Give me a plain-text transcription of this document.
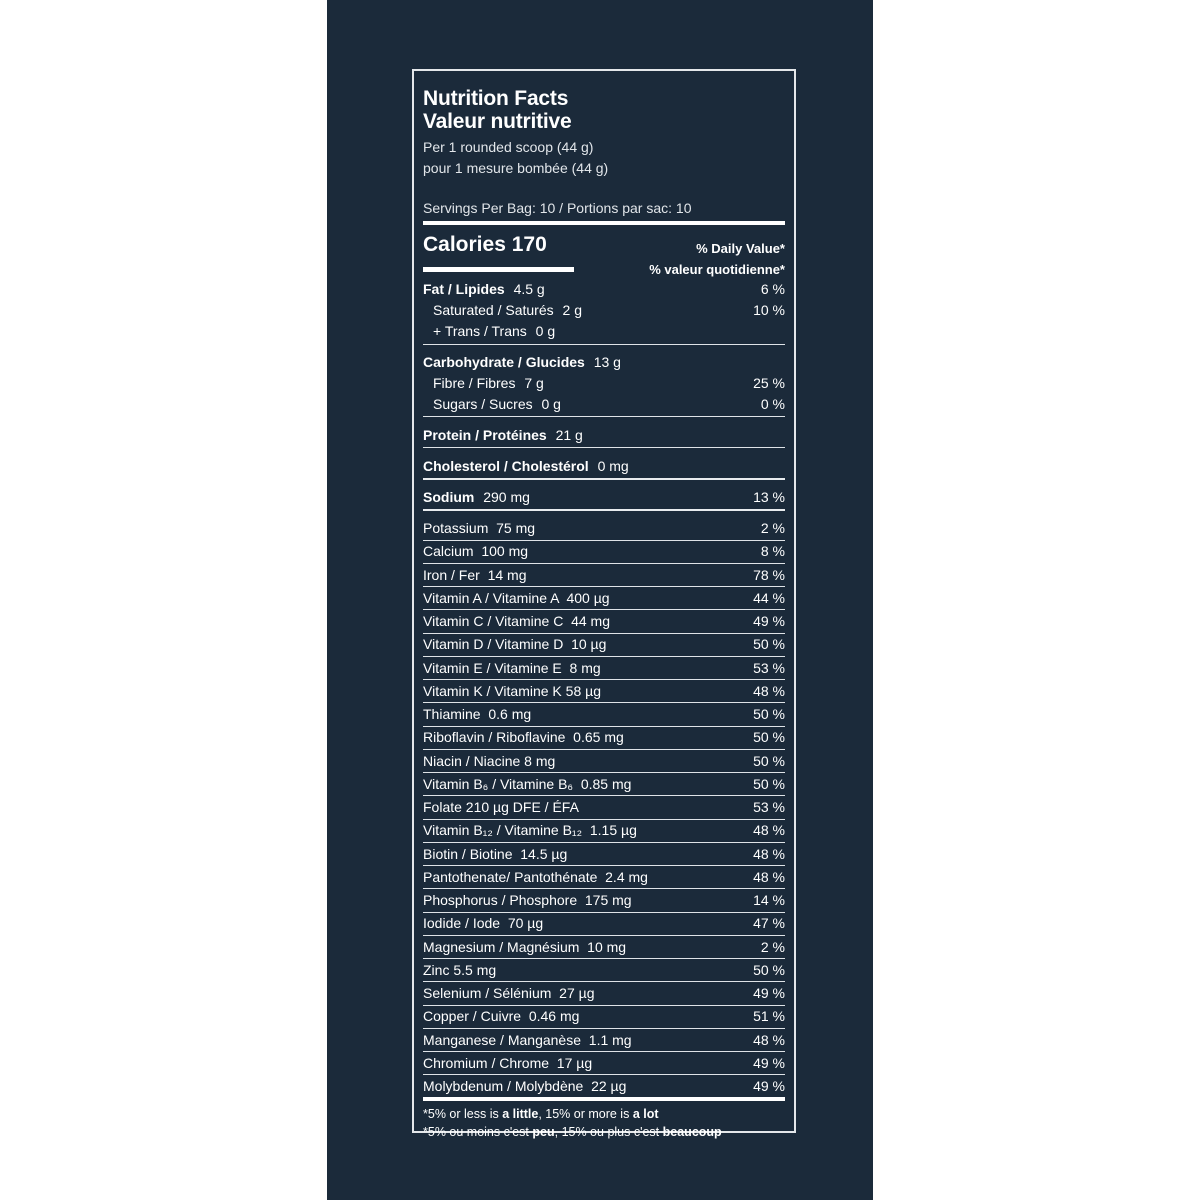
Nutrition Facts
Valeur nutritive
Per 1 rounded scoop (44 g)
pour 1 mesure bombée (44 g)
Servings Per Bag: 10 / Portions par sac: 10
Calories 170	% Daily Value*
% valeur quotidienne*
Fat / Lipides 4.5 g	6 %
Saturated / Saturés 2 g	10 %
+ Trans / Trans 0 g
Carbohydrate / Glucides 13 g
Fibre / Fibres 7 g	25 %
Sugars / Sucres 0 g	0 %
Protein / Protéines 21 g
Cholesterol / Cholestérol 0 mg
Sodium 290 mg	13 %
Potassium  75 mg	2 %
Calcium  100 mg	8 %
Iron / Fer  14 mg	78 %
Vitamin A / Vitamine A  400 µg	44 %
Vitamin C / Vitamine C  44 mg	49 %
Vitamin D / Vitamine D  10 µg	50 %
Vitamin E / Vitamine E  8 mg	53 %
Vitamin K / Vitamine K 58 µg	48 %
Thiamine  0.6 mg	50 %
Riboflavin / Riboflavine  0.65 mg	50 %
Niacin / Niacine 8 mg	50 %
Vitamin B₆ / Vitamine B₆  0.85 mg	50 %
Folate 210 µg DFE / ÉFA	53 %
Vitamin B₁₂ / Vitamine B₁₂  1.15 µg	48 %
Biotin / Biotine  14.5 µg	48 %
Pantothenate/ Pantothénate  2.4 mg	48 %
Phosphorus / Phosphore  175 mg	14 %
Iodide / Iode  70 µg	47 %
Magnesium / Magnésium  10 mg	2 %
Zinc 5.5 mg	50 %
Selenium / Sélénium  27 µg	49 %
Copper / Cuivre  0.46 mg	51 %
Manganese / Manganèse  1.1 mg	48 %
Chromium / Chrome  17 µg	49 %
Molybdenum / Molybdène  22 µg	49 %
*5% or less is a little, 15% or more is a lot
*5% ou moins c'est peu, 15% ou plus c'est beaucoup
